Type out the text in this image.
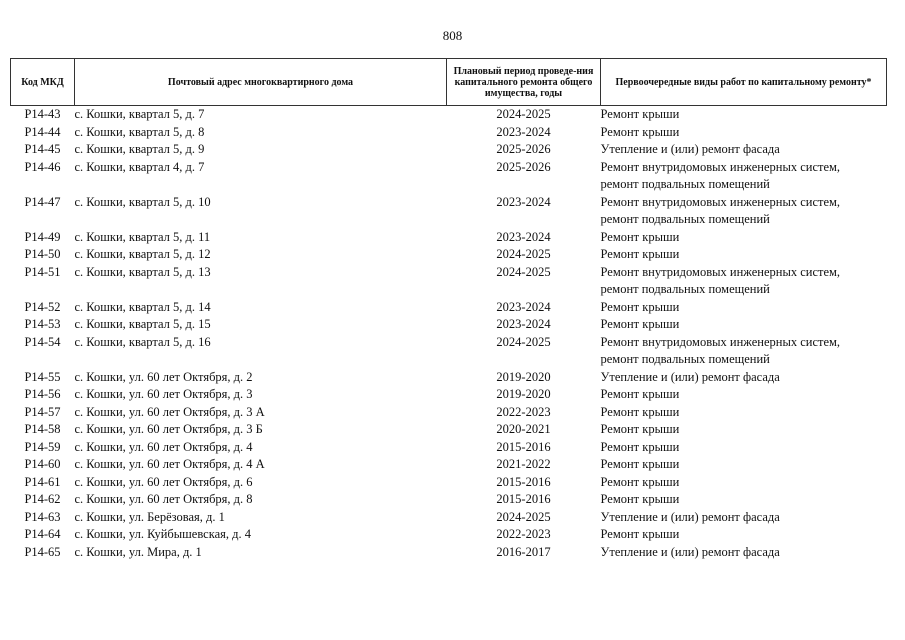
808
Код МКД	Почтовый адрес многоквартирного дома	Плановый период проведе-ния капитального ремонта общего имущества, годы	Первоочередные виды работ по капитальному ремонту*
Р14-43	с. Кошки, квартал 5, д. 7	2024-2025	Ремонт крыши

Р14-44	с. Кошки, квартал 5, д. 8	2023-2024	Ремонт крыши

Р14-45	с. Кошки, квартал 5, д. 9	2025-2026	Утепление и (или) ремонт фасада

Р14-46	с. Кошки, квартал 4, д. 7	2025-2026	Ремонт внутридомовых инженерных систем,
ремонт подвальных помещений

Р14-47	с. Кошки, квартал 5, д. 10	2023-2024	Ремонт внутридомовых инженерных систем,
ремонт подвальных помещений

Р14-49	с. Кошки, квартал 5, д. 11	2023-2024	Ремонт крыши

Р14-50	с. Кошки, квартал 5, д. 12	2024-2025	Ремонт крыши

Р14-51	с. Кошки, квартал 5, д. 13	2024-2025	Ремонт внутридомовых инженерных систем,
ремонт подвальных помещений

Р14-52	с. Кошки, квартал 5, д. 14	2023-2024	Ремонт крыши

Р14-53	с. Кошки, квартал 5, д. 15	2023-2024	Ремонт крыши

Р14-54	с. Кошки, квартал 5, д. 16	2024-2025	Ремонт внутридомовых инженерных систем,
ремонт подвальных помещений

Р14-55	с. Кошки, ул. 60 лет Октября, д. 2	2019-2020	Утепление и (или) ремонт фасада

Р14-56	с. Кошки, ул. 60 лет Октября, д. 3	2019-2020	Ремонт крыши

Р14-57	с. Кошки, ул. 60 лет Октября, д. 3 А	2022-2023	Ремонт крыши

Р14-58	с. Кошки, ул. 60 лет Октября, д. 3 Б	2020-2021	Ремонт крыши

Р14-59	с. Кошки, ул. 60 лет Октября, д. 4	2015-2016	Ремонт крыши

Р14-60	с. Кошки, ул. 60 лет Октября, д. 4 А	2021-2022	Ремонт крыши

Р14-61	с. Кошки, ул. 60 лет Октября, д. 6	2015-2016	Ремонт крыши

Р14-62	с. Кошки, ул. 60 лет Октября, д. 8	2015-2016	Ремонт крыши

Р14-63	с. Кошки, ул. Берёзовая, д. 1	2024-2025	Утепление и (или) ремонт фасада

Р14-64	с. Кошки, ул. Куйбышевская, д. 4	2022-2023	Ремонт крыши

Р14-65	с. Кошки, ул. Мира, д. 1	2016-2017	Утепление и (или) ремонт фасада
